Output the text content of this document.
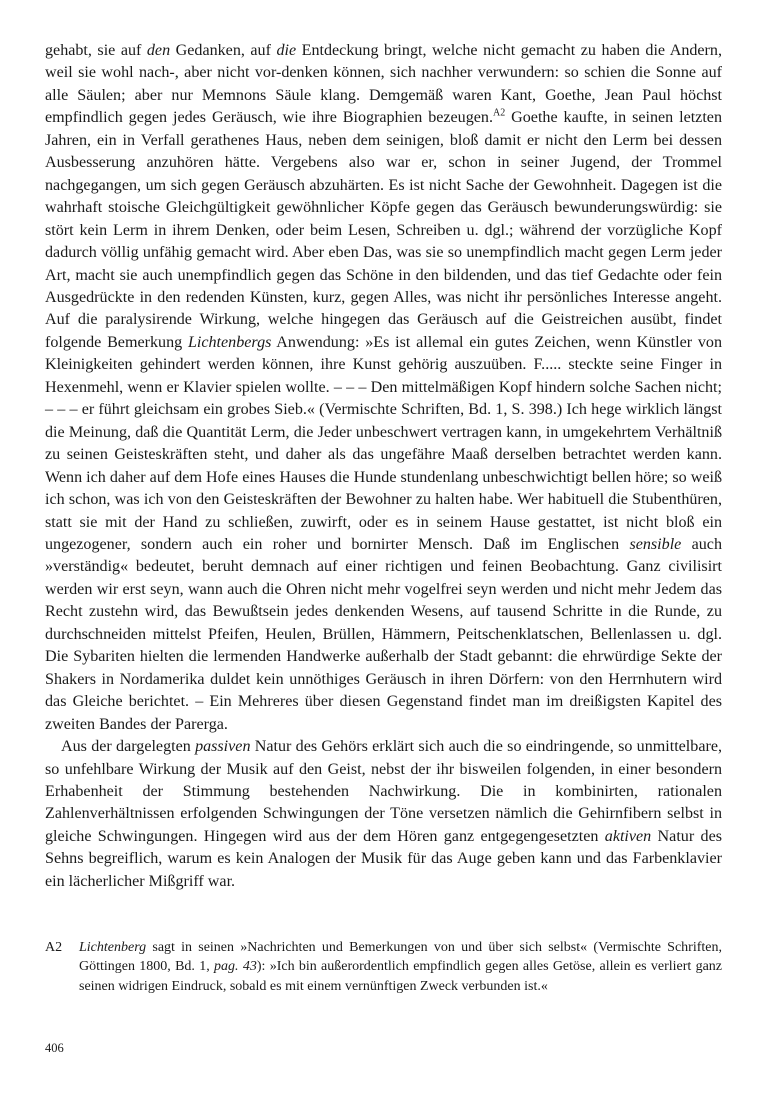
gehabt, sie auf den Gedanken, auf die Entdeckung bringt, welche nicht gemacht zu haben die Andern, weil sie wohl nach-, aber nicht vor-denken können, sich nachher verwundern: so schien die Sonne auf alle Säulen; aber nur Memnons Säule klang. Demgemäß waren Kant, Goethe, Jean Paul höchst empfindlich gegen jedes Geräusch, wie ihre Biographien bezeugen.$^{A2}$ Goethe kaufte, in seinen letzten Jahren, ein in Verfall gerathenes Haus, neben dem seinigen, bloß damit er nicht den Lerm bei dessen Ausbesserung anzuhören hätte. Vergebens also war er, schon in seiner Jugend, der Trommel nachgegangen, um sich gegen Geräusch abzuhärten. Es ist nicht Sache der Gewohnheit. Dagegen ist die wahrhaft stoische Gleichgültigkeit gewöhnlicher Köpfe gegen das Geräusch bewunderungswürdig: sie stört kein Lerm in ihrem Denken, oder beim Lesen, Schreiben u. dgl.; während der vorzügliche Kopf dadurch völlig unfähig gemacht wird. Aber eben Das, was sie so unempfindlich macht gegen Lerm jeder Art, macht sie auch unempfindlich gegen das Schöne in den bildenden, und das tief Gedachte oder fein Ausgedrückte in den redenden Künsten, kurz, gegen Alles, was nicht ihr persönliches Interesse angeht. Auf die paralysirende Wirkung, welche hingegen das Geräusch auf die Geistreichen ausübt, findet folgende Bemerkung Lichtenbergs Anwendung: »Es ist allemal ein gutes Zeichen, wenn Künstler von Kleinigkeiten gehindert werden können, ihre Kunst gehörig auszuüben. F..... steckte seine Finger in Hexenmehl, wenn er Klavier spielen wollte. – – – Den mittelmäßigen Kopf hindern solche Sachen nicht; – – – er führt gleichsam ein grobes Sieb.« (Vermischte Schriften, Bd. 1, S. 398.) Ich hege wirklich längst die Meinung, daß die Quantität Lerm, die Jeder unbeschwert vertragen kann, in umgekehrtem Verhältniß zu seinen Geisteskräften steht, und daher als das ungefähre Maaß derselben betrachtet werden kann. Wenn ich daher auf dem Hofe eines Hauses die Hunde stundenlang unbeschwichtigt bellen höre; so weiß ich schon, was ich von den Geisteskräften der Bewohner zu halten habe. Wer habituell die Stubenthüren, statt sie mit der Hand zu schließen, zuwirft, oder es in seinem Hause gestattet, ist nicht bloß ein ungezogener, sondern auch ein roher und bornirter Mensch. Daß im Englischen sensible auch »verständig« bedeutet, beruht demnach auf einer richtigen und feinen Beobachtung. Ganz civilisirt werden wir erst seyn, wann auch die Ohren nicht mehr vogelfrei seyn werden und nicht mehr Jedem das Recht zustehn wird, das Bewußtsein jedes denkenden Wesens, auf tausend Schritte in die Runde, zu durchschneiden mittelst Pfeifen, Heulen, Brüllen, Hämmern, Peitschenklatschen, Bellenlassen u. dgl. Die Sybariten hielten die lermenden Handwerke außerhalb der Stadt gebannt: die ehrwürdige Sekte der Shakers in Nordamerika duldet kein unnöthiges Geräusch in ihren Dörfern: von den Herrnhutern wird das Gleiche berichtet. – Ein Mehreres über diesen Gegenstand findet man im dreißigsten Kapitel des zweiten Bandes der Parerga.

Aus der dargelegten passiven Natur des Gehörs erklärt sich auch die so eindringende, so unmittelbare, so unfehlbare Wirkung der Musik auf den Geist, nebst der ihr bisweilen folgenden, in einer besondern Erhabenheit der Stimmung bestehenden Nachwirkung. Die in kombinirten, rationalen Zahlenverhältnissen erfolgenden Schwingungen der Töne versetzen nämlich die Gehirnfibern selbst in gleiche Schwingungen. Hingegen wird aus der dem Hören ganz entgegengesetzten aktiven Natur des Sehns begreiflich, warum es kein Analogen der Musik für das Auge geben kann und das Farbenklavier ein lächerlicher Mißgriff war.

A2	Lichtenberg sagt in seinen »Nachrichten und Bemerkungen von und über sich selbst« (Vermischte Schriften, Göttingen 1800, Bd. 1, pag. 43): »Ich bin außerordentlich empfindlich gegen alles Getöse, allein es verliert ganz seinen widrigen Eindruck, sobald es mit einem vernünftigen Zweck verbunden ist.«
406
